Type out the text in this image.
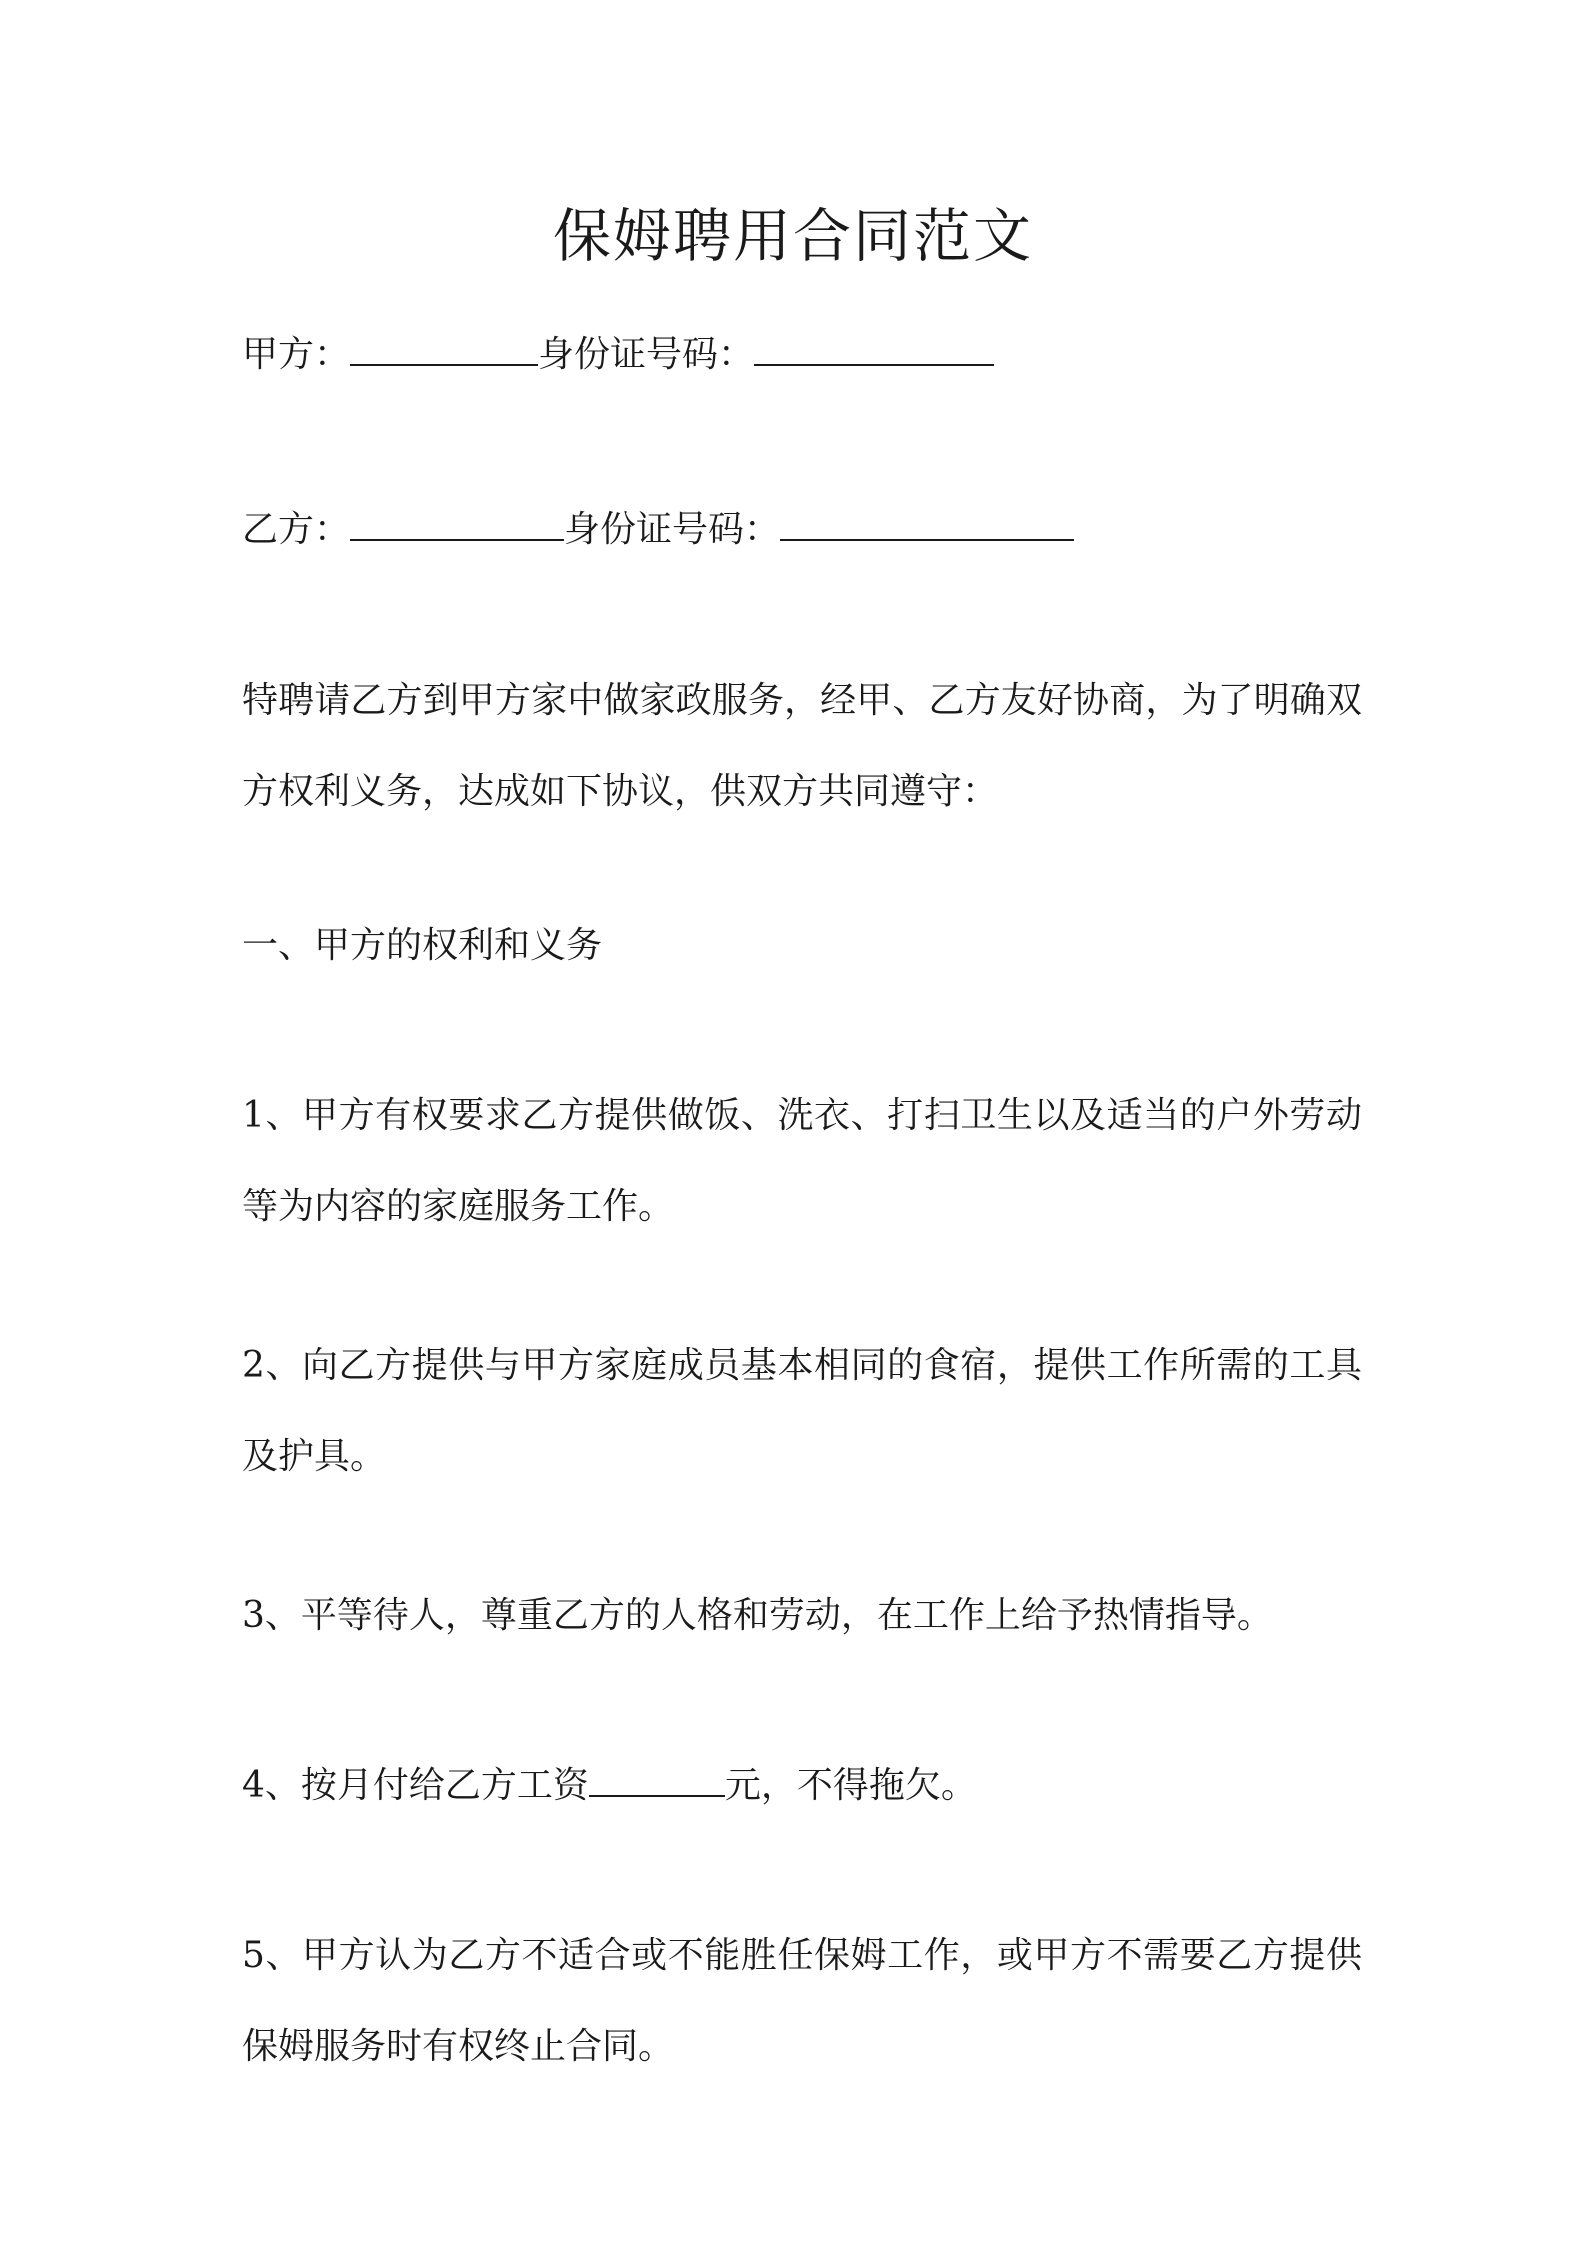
保姆聘用合同范文
甲方：	身份证号码：
乙方：	身份证号码：
特聘请乙方到甲方家中做家政服务，经甲、乙方友好协商，为了明确双方权利义务，达成如下协议，供双方共同遵守：
一、甲方的权利和义务
1、甲方有权要求乙方提供做饭、洗衣、打扫卫生以及适当的户外劳动等为内容的家庭服务工作。
2、向乙方提供与甲方家庭成员基本相同的食宿，提供工作所需的工具及护具。
3、平等待人，尊重乙方的人格和劳动，在工作上给予热情指导。
4、按月付给乙方工资	元，不得拖欠。
5、甲方认为乙方不适合或不能胜任保姆工作，或甲方不需要乙方提供保姆服务时有权终止合同。
